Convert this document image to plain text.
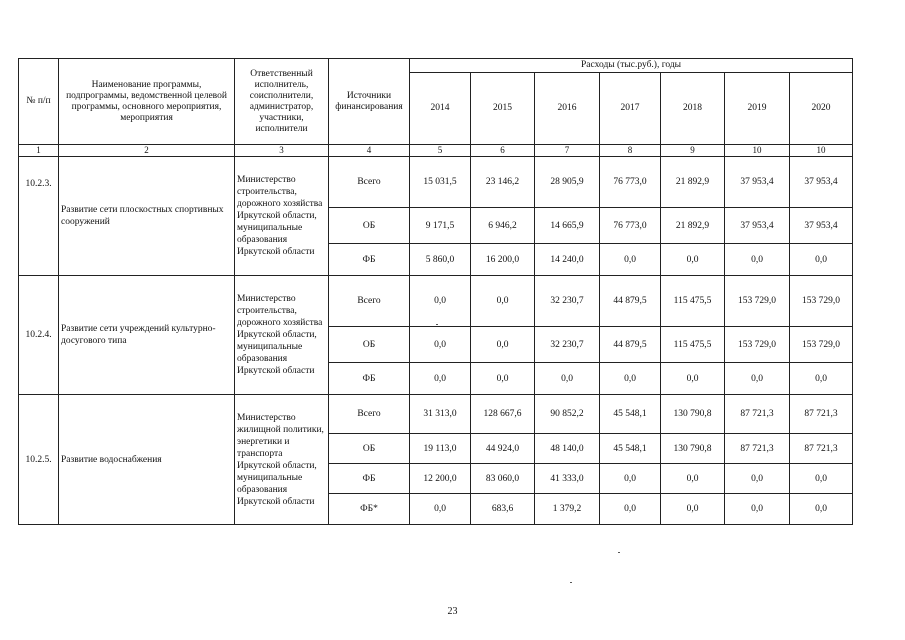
№ п/п	Наименование программы, подпрограммы, ведомственной целевой программы, основного мероприятия, мероприятия	Ответственный исполнитель, соисполнители, администратор, участники, исполнители	Источники финансирования	Расходы (тыс.руб.), годы						
				2014	2015	2016	2017	2018	2019	2020
1	2	3	4	5	6	7	8	9	10	10
10.2.3.	Развитие сети плоскостных спортивных сооружений	Министерство строительства, дорожного хозяйства Иркутской области, муниципальные образования Иркутской области	Всего	15 031,5	23 146,2	28 905,9	76 773,0	21 892,9	37 953,4	37 953,4
			ОБ	9 171,5	6 946,2	14 665,9	76 773,0	21 892,9	37 953,4	37 953,4
			ФБ	5 860,0	16 200,0	14 240,0	0,0	0,0	0,0	0,0
10.2.4.	Развитие сети учреждений культурно-досугового типа	Министерство строительства, дорожного хозяйства Иркутской области, муниципальные образования Иркутской области	Всего	0,0	0,0	32 230,7	44 879,5	115 475,5	153 729,0	153 729,0
			ОБ	0,0	0,0	32 230,7	44 879,5	115 475,5	153 729,0	153 729,0
			ФБ	0,0	0,0	0,0	0,0	0,0	0,0	0,0
10.2.5.	Развитие водоснабжения	Министерство жилищной политики, энергетики и транспорта Иркутской области, муниципальные образования Иркутской области	Всего	31 313,0	128 667,6	90 852,2	45 548,1	130 790,8	87 721,3	87 721,3
			ОБ	19 113,0	44 924,0	48 140,0	45 548,1	130 790,8	87 721,3	87 721,3
			ФБ	12 200,0	83 060,0	41 333,0	0,0	0,0	0,0	0,0
			ФБ*	0,0	683,6	1 379,2	0,0	0,0	0,0	0,0
23
